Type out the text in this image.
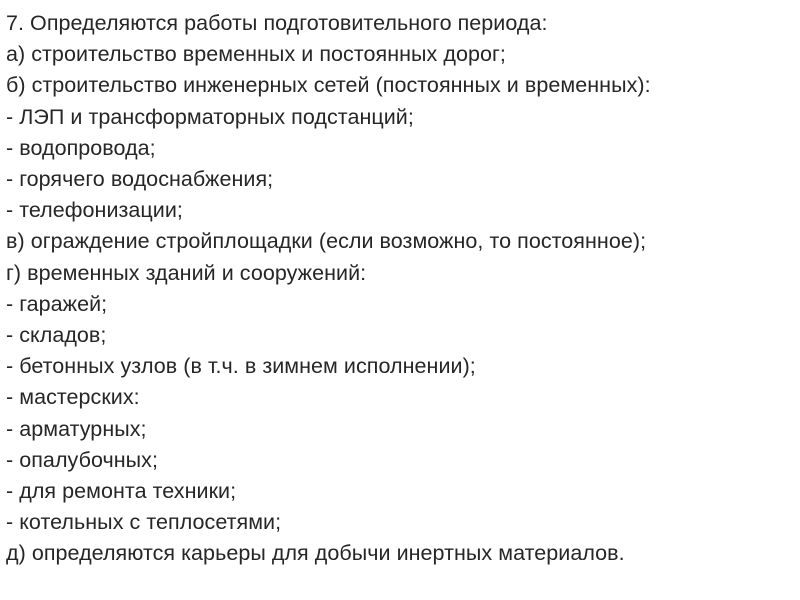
7. Определяются работы подготовительного периода:
а) строительство временных и постоянных дорог;
б) строительство инженерных сетей (постоянных и временных):
- ЛЭП и трансформаторных подстанций;
- водопровода;
- горячего водоснабжения;
- телефонизации;
в) ограждение стройплощадки (если возможно, то постоянное);
г) временных зданий и сооружений:
- гаражей;
- складов;
- бетонных узлов (в т.ч. в зимнем исполнении);
- мастерских:
- арматурных;
- опалубочных;
- для ремонта техники;
- котельных с теплосетями;
д) определяются карьеры для добычи инертных материалов.
